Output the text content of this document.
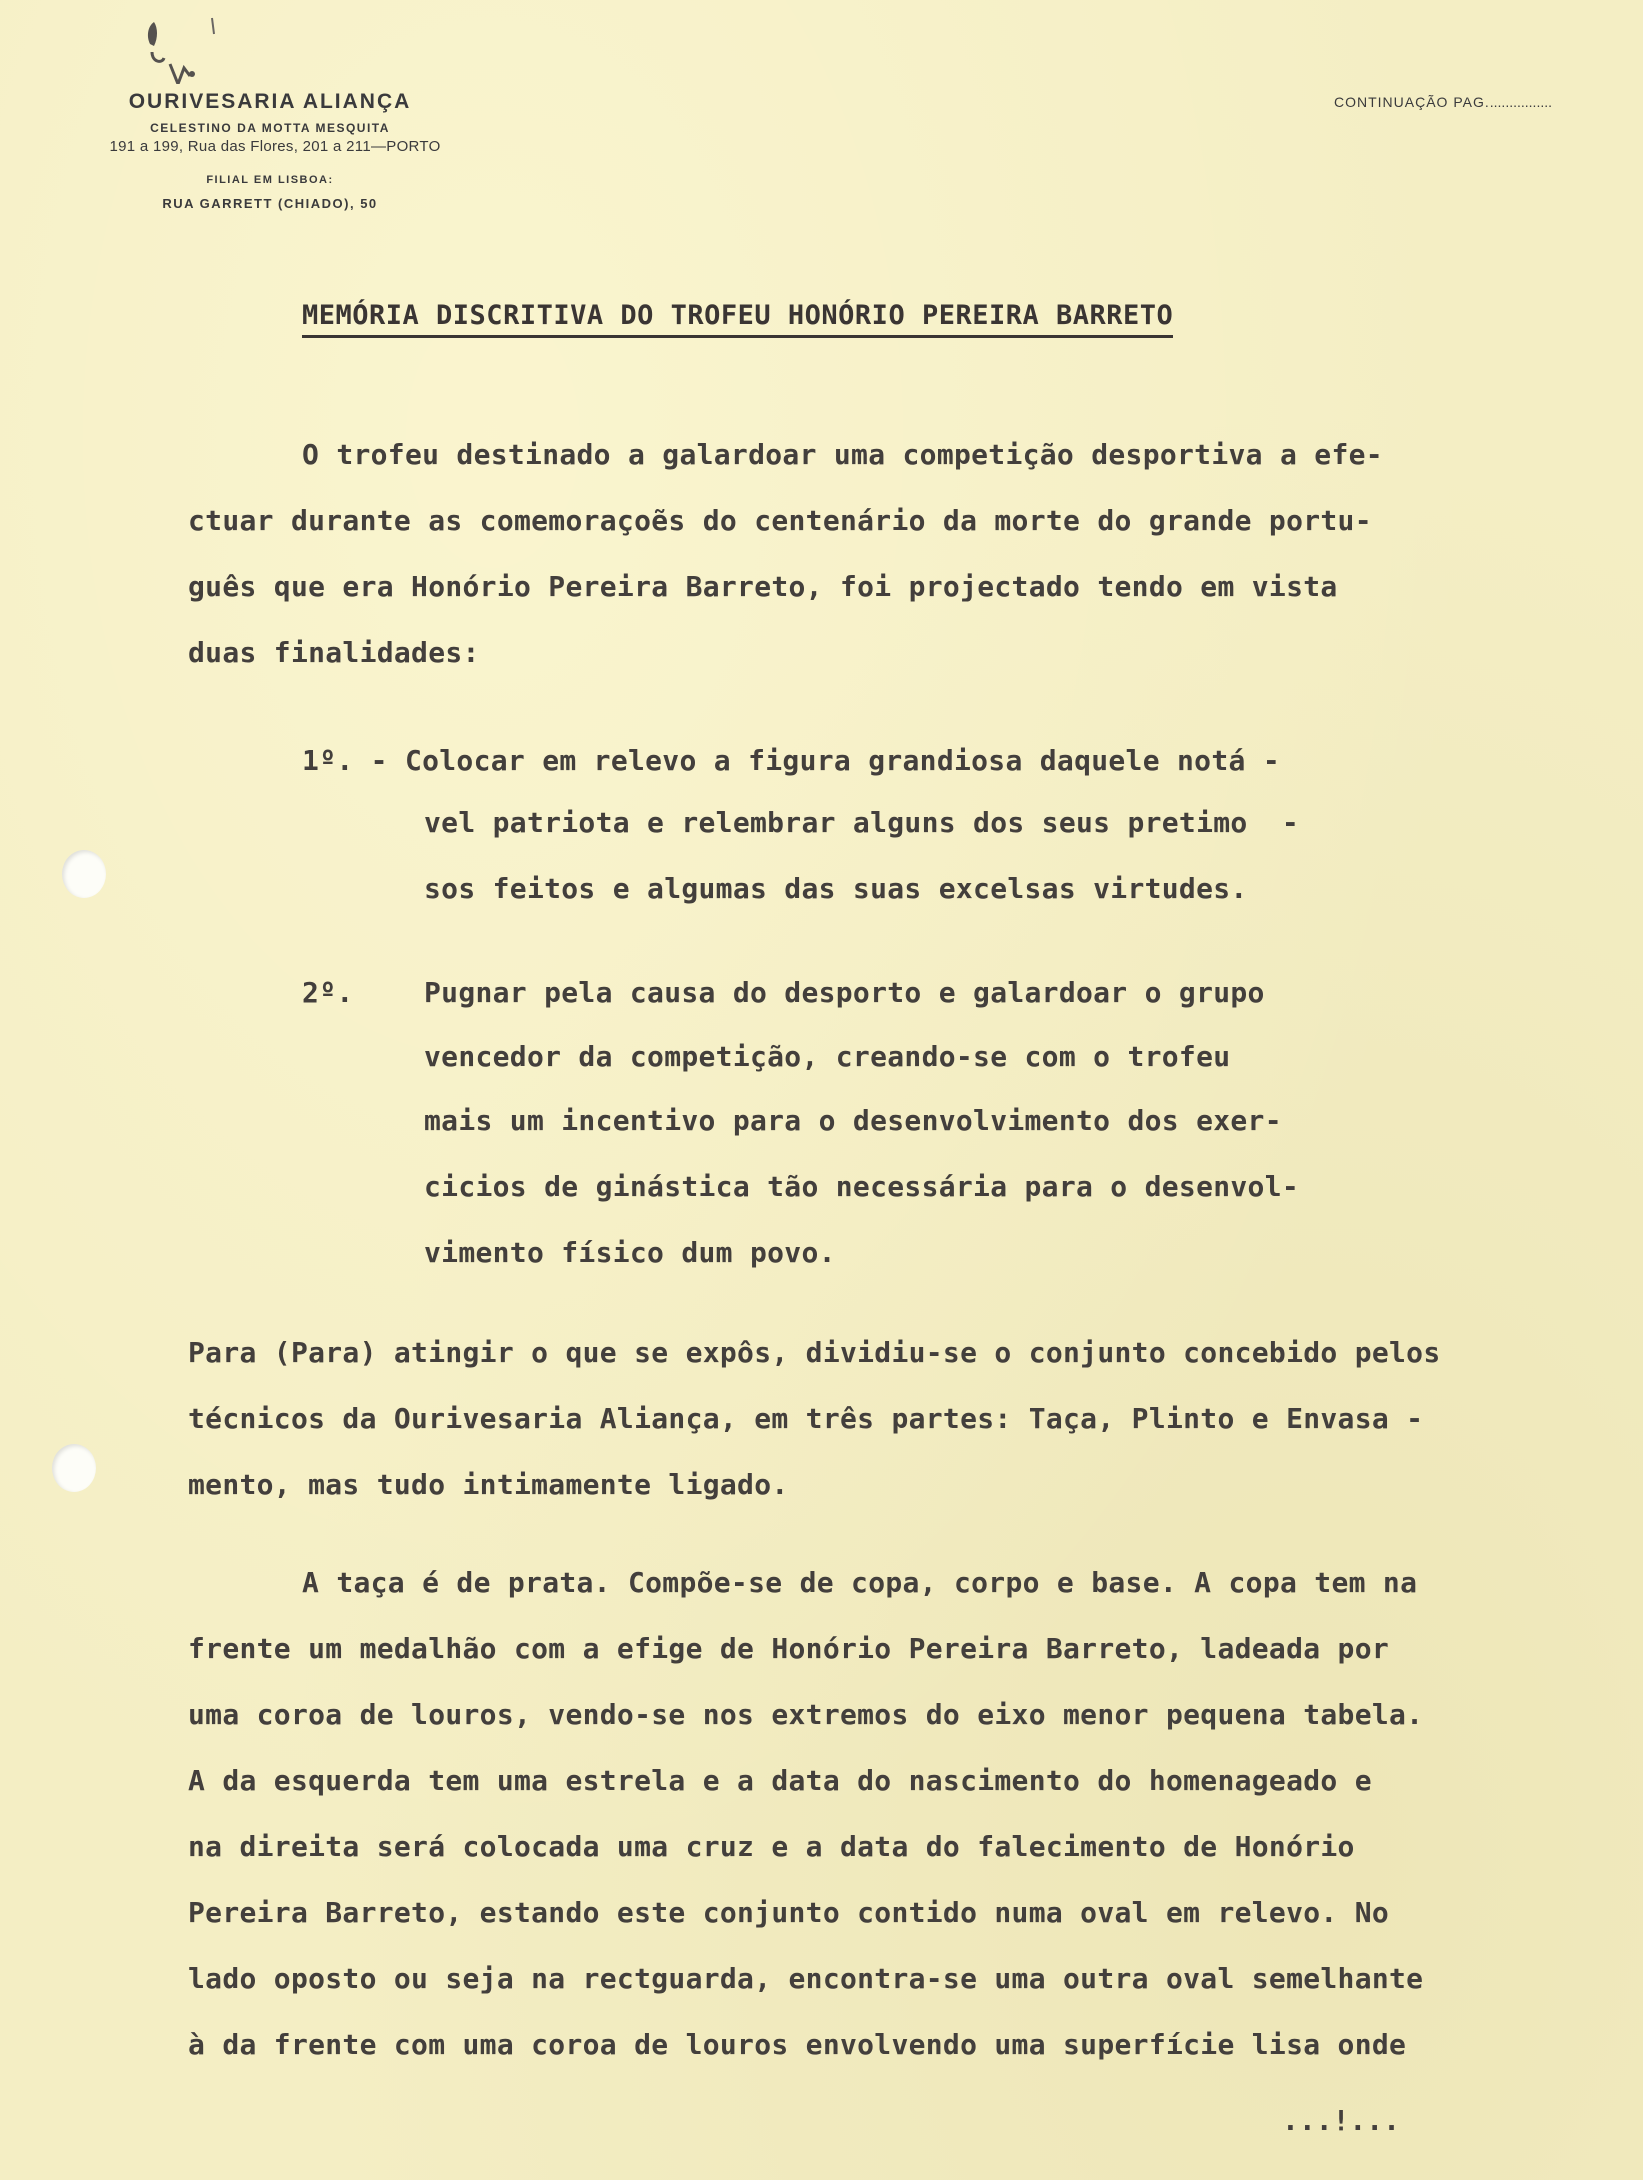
OURIVESARIA ALIANÇA
CELESTINO DA MOTTA MESQUITA
191 a 199, Rua das Flores, 201 a 211—PORTO
FILIAL EM LISBOA:
RUA GARRETT (CHIADO), 50
CONTINUAÇÃO PAG.................
MEMÓRIA DISCRITIVA DO TROFEU HONÓRIO PEREIRA BARRETO
O trofeu destinado a galardoar uma competição desportiva a efe-
ctuar durante as comemoraçoẽs do centenário da morte do grande portu-
guês que era Honório Pereira Barreto, foi projectado tendo em vista
duas finalidades:
1º. - Colocar em relevo a figura grandiosa daquele notá -
vel patriota e relembrar alguns dos seus pretimo  -
sos feitos e algumas das suas excelsas virtudes.
2º.	Pugnar pela causa do desporto e galardoar o grupo
vencedor da competição, creando-se com o trofeu
mais um incentivo para o desenvolvimento dos exer-
cicios de ginástica tão necessária para o desenvol-
vimento físico dum povo.
Para (Para) atingir o que se expôs, dividiu-se o conjunto concebido pelos
técnicos da Ourivesaria Aliança, em três partes: Taça, Plinto e Envasa -
mento, mas tudo intimamente ligado.
A taça é de prata. Compõe-se de copa, corpo e base. A copa tem na
frente um medalhão com a efige de Honório Pereira Barreto, ladeada por
uma coroa de louros, vendo-se nos extremos do eixo menor pequena tabela.
A da esquerda tem uma estrela e a data do nascimento do homenageado e
na direita será colocada uma cruz e a data do falecimento de Honório
Pereira Barreto, estando este conjunto contido numa oval em relevo. No
lado oposto ou seja na rectguarda, encontra-se uma outra oval semelhante
à da frente com uma coroa de louros envolvendo uma superfície lisa onde
...!...
